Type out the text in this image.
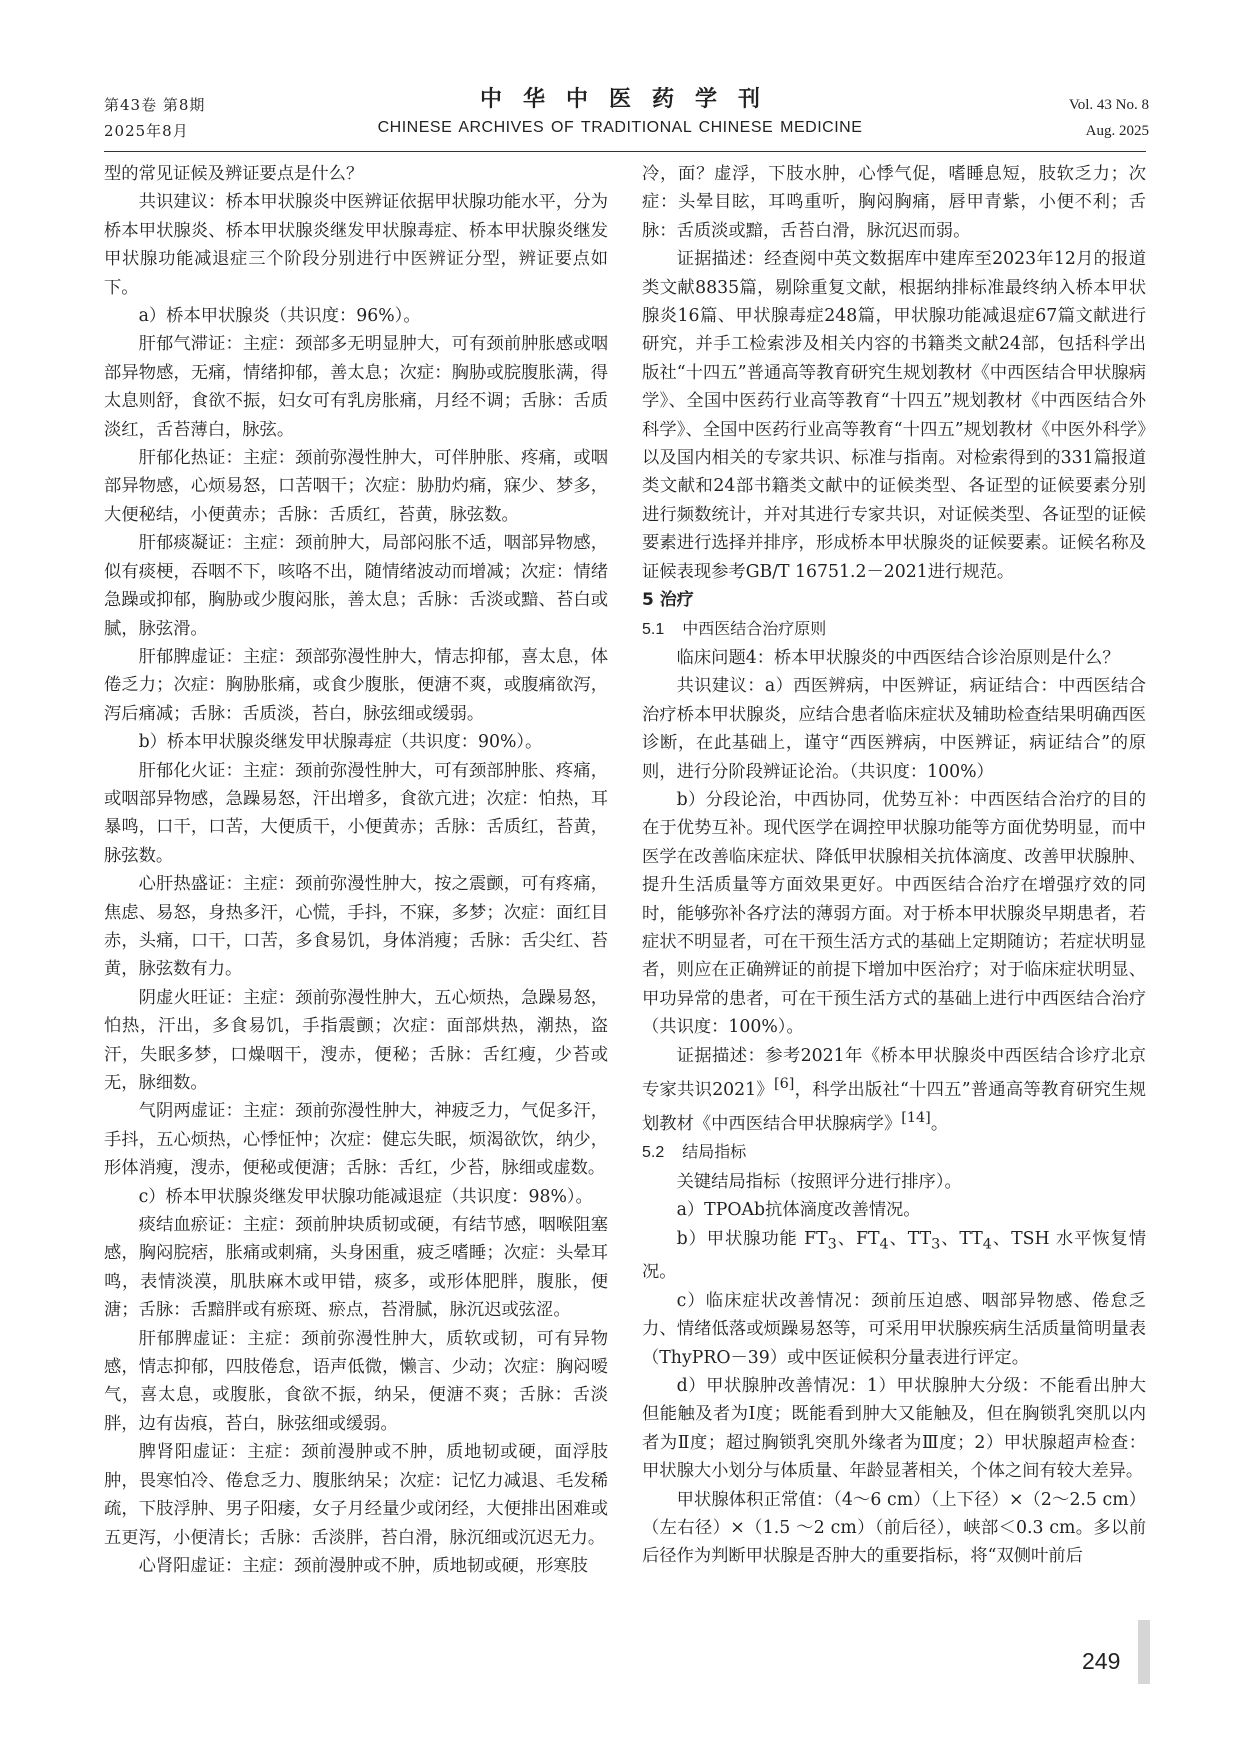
第43卷 第8期
2025年8月
中华中医药学刊
CHINESE ARCHIVES OF TRADITIONAL CHINESE MEDICINE
Vol. 43 No. 8
Aug. 2025

型的常见证候及辨证要点是什么？

共识建议：桥本甲状腺炎中医辨证依据甲状腺功能水平，分为桥本甲状腺炎、桥本甲状腺炎继发甲状腺毒症、桥本甲状腺炎继发甲状腺功能减退症三个阶段分别进行中医辨证分型，辨证要点如下。

a）桥本甲状腺炎（共识度：96%）。

肝郁气滞证：主症：颈部多无明显肿大，可有颈前肿胀感或咽部异物感，无痛，情绪抑郁，善太息；次症：胸胁或脘腹胀满，得太息则舒，食欲不振，妇女可有乳房胀痛，月经不调；舌脉：舌质淡红，舌苔薄白，脉弦。

肝郁化热证：主症：颈前弥漫性肿大，可伴肿胀、疼痛，或咽部异物感，心烦易怒，口苦咽干；次症：胁肋灼痛，寐少、梦多，大便秘结，小便黄赤；舌脉：舌质红，苔黄，脉弦数。

肝郁痰凝证：主症：颈前肿大，局部闷胀不适，咽部异物感，似有痰梗，吞咽不下，咳咯不出，随情绪波动而增减；次症：情绪急躁或抑郁，胸胁或少腹闷胀，善太息；舌脉：舌淡或黯、苔白或腻，脉弦滑。

肝郁脾虚证：主症：颈部弥漫性肿大，情志抑郁，喜太息，体倦乏力；次症：胸胁胀痛，或食少腹胀，便溏不爽，或腹痛欲泻，泻后痛减；舌脉：舌质淡，苔白，脉弦细或缓弱。

b）桥本甲状腺炎继发甲状腺毒症（共识度：90%）。

肝郁化火证：主症：颈前弥漫性肿大，可有颈部肿胀、疼痛，或咽部异物感，急躁易怒，汗出增多，食欲亢进；次症：怕热，耳暴鸣，口干，口苦，大便质干，小便黄赤；舌脉：舌质红，苔黄，脉弦数。

心肝热盛证：主症：颈前弥漫性肿大，按之震颤，可有疼痛，焦虑、易怒，身热多汗，心慌，手抖，不寐，多梦；次症：面红目赤，头痛，口干，口苦，多食易饥，身体消瘦；舌脉：舌尖红、苔黄，脉弦数有力。

阴虚火旺证：主症：颈前弥漫性肿大，五心烦热，急躁易怒，怕热，汗出，多食易饥，手指震颤；次症：面部烘热，潮热，盗汗，失眠多梦，口燥咽干，溲赤，便秘；舌脉：舌红瘦，少苔或无，脉细数。

气阴两虚证：主症：颈前弥漫性肿大，神疲乏力，气促多汗，手抖，五心烦热，心悸怔忡；次症：健忘失眠，烦渴欲饮，纳少，形体消瘦，溲赤，便秘或便溏；舌脉：舌红，少苔，脉细或虚数。

c）桥本甲状腺炎继发甲状腺功能减退症（共识度：98%）。

痰结血瘀证：主症：颈前肿块质韧或硬，有结节感，咽喉阻塞感，胸闷脘痞，胀痛或刺痛，头身困重，疲乏嗜睡；次症：头晕耳鸣，表情淡漠，肌肤麻木或甲错，痰多，或形体肥胖，腹胀，便溏；舌脉：舌黯胖或有瘀斑、瘀点，苔滑腻，脉沉迟或弦涩。

肝郁脾虚证：主症：颈前弥漫性肿大，质软或韧，可有异物感，情志抑郁，四肢倦怠，语声低微，懒言、少动；次症：胸闷嗳气，喜太息，或腹胀，食欲不振，纳呆，便溏不爽；舌脉：舌淡胖，边有齿痕，苔白，脉弦细或缓弱。

脾肾阳虚证：主症：颈前漫肿或不肿，质地韧或硬，面浮肢肿，畏寒怕冷、倦怠乏力、腹胀纳呆；次症：记忆力减退、毛发稀疏，下肢浮肿、男子阳痿，女子月经量少或闭经，大便排出困难或五更泻，小便清长；舌脉：舌淡胖，苔白滑，脉沉细或沉迟无力。

心肾阳虚证：主症：颈前漫肿或不肿，质地韧或硬，形寒肢

冷，面？虚浮，下肢水肿，心悸气促，嗜睡息短，肢软乏力；次症：头晕目眩，耳鸣重听，胸闷胸痛，唇甲青紫，小便不利；舌脉：舌质淡或黯，舌苔白滑，脉沉迟而弱。

证据描述：经查阅中英文数据库中建库至2023年12月的报道类文献8835篇，剔除重复文献，根据纳排标准最终纳入桥本甲状腺炎16篇、甲状腺毒症248篇，甲状腺功能减退症67篇文献进行研究，并手工检索涉及相关内容的书籍类文献24部，包括科学出版社“十四五”普通高等教育研究生规划教材《中西医结合甲状腺病学》、全国中医药行业高等教育“十四五”规划教材《中西医结合外科学》、全国中医药行业高等教育“十四五”规划教材《中医外科学》以及国内相关的专家共识、标准与指南。对检索得到的331篇报道类文献和24部书籍类文献中的证候类型、各证型的证候要素分别进行频数统计，并对其进行专家共识，对证候类型、各证型的证候要素进行选择并排序，形成桥本甲状腺炎的证候要素。证候名称及证候表现参考GB/T 16751.2－2021进行规范。

5 治疗

5.1 中西医结合治疗原则

临床问题4：桥本甲状腺炎的中西医结合诊治原则是什么？

共识建议：a）西医辨病，中医辨证，病证结合：中西医结合治疗桥本甲状腺炎，应结合患者临床症状及辅助检查结果明确西医诊断，在此基础上，谨守“西医辨病，中医辨证，病证结合”的原则，进行分阶段辨证论治。（共识度：100%）

b）分段论治，中西协同，优势互补：中西医结合治疗的目的在于优势互补。现代医学在调控甲状腺功能等方面优势明显，而中医学在改善临床症状、降低甲状腺相关抗体滴度、改善甲状腺肿、提升生活质量等方面效果更好。中西医结合治疗在增强疗效的同时，能够弥补各疗法的薄弱方面。对于桥本甲状腺炎早期患者，若症状不明显者，可在干预生活方式的基础上定期随访；若症状明显者，则应在正确辨证的前提下增加中医治疗；对于临床症状明显、甲功异常的患者，可在干预生活方式的基础上进行中西医结合治疗（共识度：100%）。

证据描述：参考2021年《桥本甲状腺炎中西医结合诊疗北京专家共识2021》[6]，科学出版社“十四五”普通高等教育研究生规划教材《中西医结合甲状腺病学》[14]。

5.2 结局指标

关键结局指标（按照评分进行排序）。

a）TPOAb抗体滴度改善情况。

b）甲状腺功能 $FT_3$、$FT_4$、$TT_3$、$TT_4$、TSH 水平恢复情况。

c）临床症状改善情况：颈前压迫感、咽部异物感、倦怠乏力、情绪低落或烦躁易怒等，可采用甲状腺疾病生活质量简明量表（ThyPRO－39）或中医证候积分量表进行评定。

d）甲状腺肿改善情况：1）甲状腺肿大分级：不能看出肿大但能触及者为Ⅰ度；既能看到肿大又能触及，但在胸锁乳突肌以内者为Ⅱ度；超过胸锁乳突肌外缘者为Ⅲ度；2）甲状腺超声检查：甲状腺大小划分与体质量、年龄显著相关，个体之间有较大差异。

甲状腺体积正常值：（4～6 cm）（上下径）×（2～2.5 cm）（左右径）×（1.5 ～2 cm）（前后径），峡部＜0.3 cm。多以前后径作为判断甲状腺是否肿大的重要指标，将“双侧叶前后

249
